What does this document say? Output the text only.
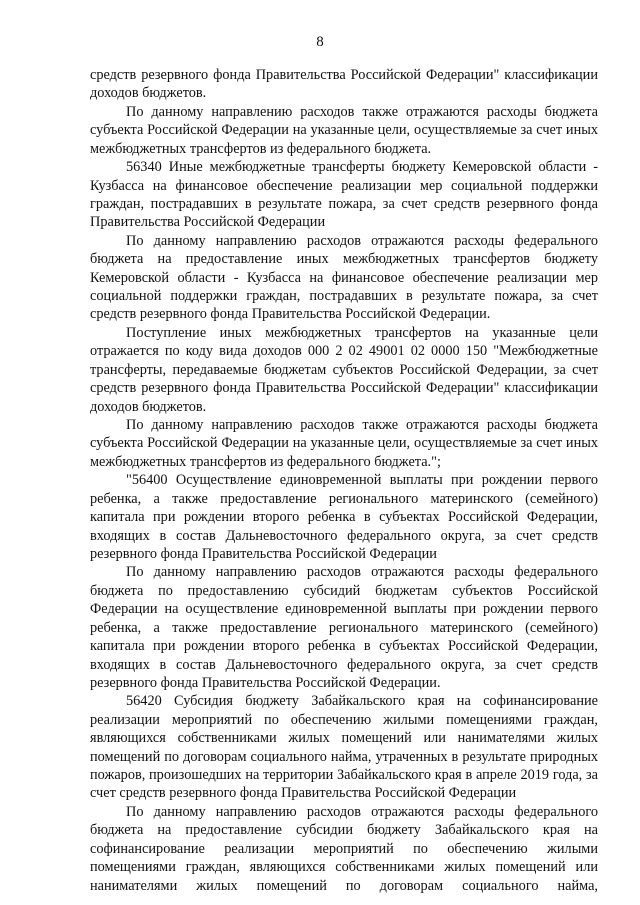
8

средств резервного фонда Правительства Российской Федерации" классификации доходов бюджетов.

По данному направлению расходов также отражаются расходы бюджета субъекта Российской Федерации на указанные цели, осуществляемые за счет иных межбюджетных трансфертов из федерального бюджета.

56340 Иные межбюджетные трансферты бюджету Кемеровской области - Кузбасса на финансовое обеспечение реализации мер социальной поддержки граждан, пострадавших в результате пожара, за счет средств резервного фонда Правительства Российской Федерации

По данному направлению расходов отражаются расходы федерального бюджета на предоставление иных межбюджетных трансфертов бюджету Кемеровской области - Кузбасса на финансовое обеспечение реализации мер социальной поддержки граждан, пострадавших в результате пожара, за счет средств резервного фонда Правительства Российской Федерации.

Поступление иных межбюджетных трансфертов на указанные цели отражается по коду вида доходов 000 2 02 49001 02 0000 150 "Межбюджетные трансферты, передаваемые бюджетам субъектов Российской Федерации, за счет средств резервного фонда Правительства Российской Федерации" классификации доходов бюджетов.

По данному направлению расходов также отражаются расходы бюджета субъекта Российской Федерации на указанные цели, осуществляемые за счет иных межбюджетных трансфертов из федерального бюджета.";

"56400 Осуществление единовременной выплаты при рождении первого ребенка, а также предоставление регионального материнского (семейного) капитала при рождении второго ребенка в субъектах Российской Федерации, входящих в состав Дальневосточного федерального округа, за счет средств резервного фонда Правительства Российской Федерации

По данному направлению расходов отражаются расходы федерального бюджета по предоставлению субсидий бюджетам субъектов Российской Федерации на осуществление единовременной выплаты при рождении первого ребенка, а также предоставление регионального материнского (семейного) капитала при рождении второго ребенка в субъектах Российской Федерации, входящих в состав Дальневосточного федерального округа, за счет средств резервного фонда Правительства Российской Федерации.

56420 Субсидия бюджету Забайкальского края на софинансирование реализации мероприятий по обеспечению жилыми помещениями граждан, являющихся собственниками жилых помещений или нанимателями жилых помещений по договорам социального найма, утраченных в результате природных пожаров, произошедших на территории Забайкальского края в апреле 2019 года, за счет средств резервного фонда Правительства Российской Федерации

По данному направлению расходов отражаются расходы федерального бюджета на предоставление субсидии бюджету Забайкальского края на софинансирование реализации мероприятий по обеспечению жилыми помещениями граждан, являющихся собственниками жилых помещений или нанимателями жилых помещений по договорам социального найма,
